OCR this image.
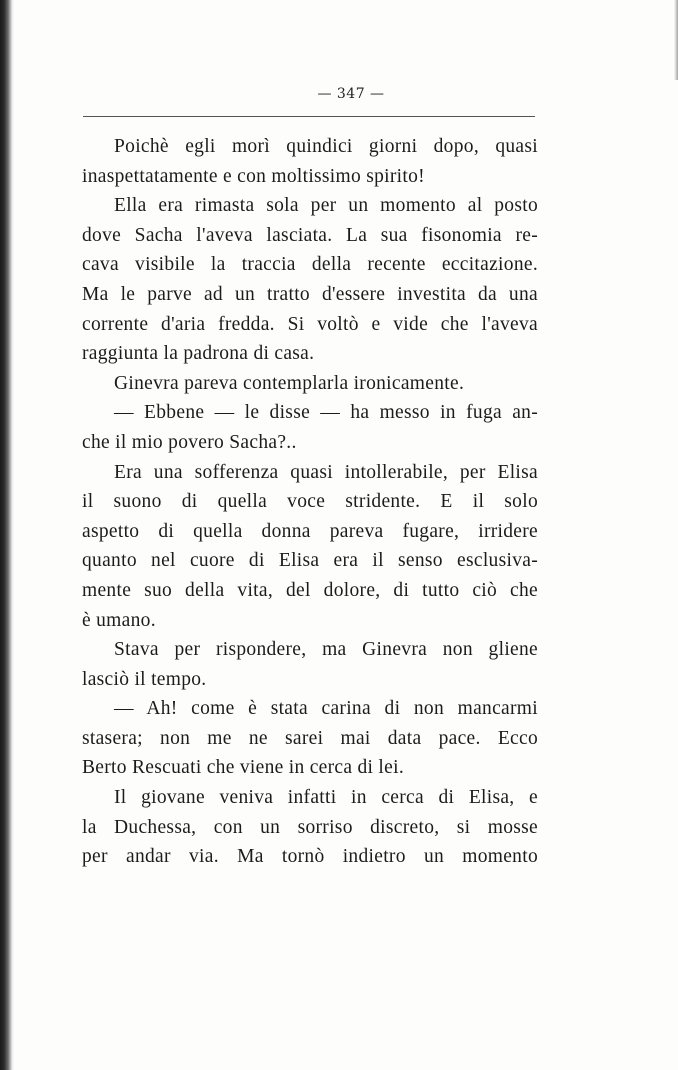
— 347 —
Poichè egli morì quindici giorni dopo, quasi
inaspettatamente e con moltissimo spirito!
Ella era rimasta sola per un momento al posto
dove Sacha l'aveva lasciata. La sua fisonomia re-
cava visibile la traccia della recente eccitazione.
Ma le parve ad un tratto d'essere investita da una
corrente d'aria fredda. Si voltò e vide che l'aveva
raggiunta la padrona di casa.
Ginevra pareva contemplarla ironicamente.
— Ebbene — le disse — ha messo in fuga an-
che il mio povero Sacha?..
Era una sofferenza quasi intollerabile, per Elisa
il suono di quella voce stridente. E il solo
aspetto di quella donna pareva fugare, irridere
quanto nel cuore di Elisa era il senso esclusiva-
mente suo della vita, del dolore, di tutto ciò che
è umano.
Stava per rispondere, ma Ginevra non gliene
lasciò il tempo.
— Ah! come è stata carina di non mancarmi
stasera; non me ne sarei mai data pace. Ecco
Berto Rescuati che viene in cerca di lei.
Il giovane veniva infatti in cerca di Elisa, e
la Duchessa, con un sorriso discreto, si mosse
per andar via. Ma tornò indietro un momento
